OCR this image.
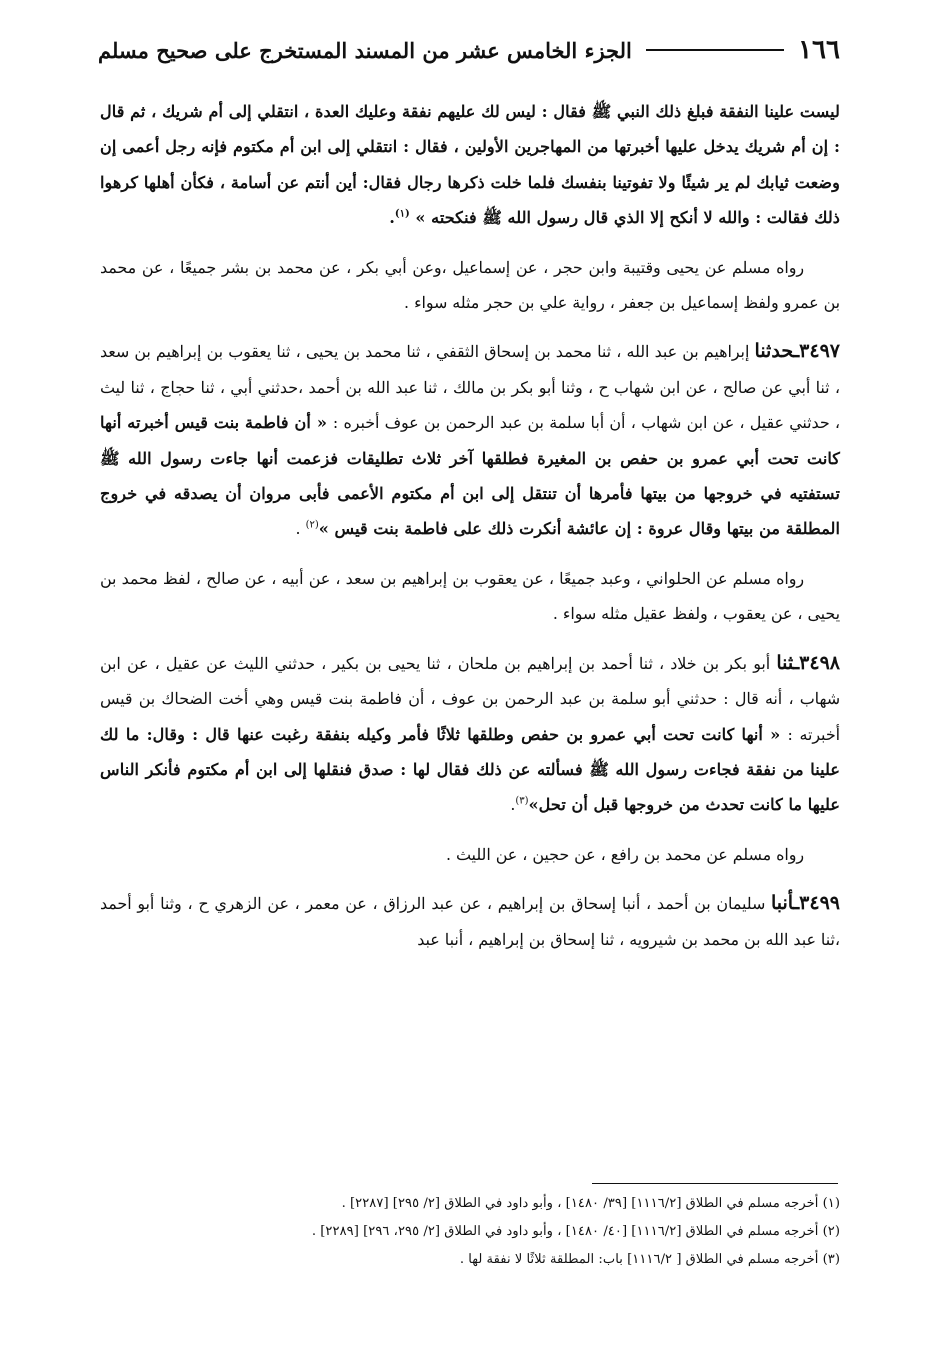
١٦٦
الجزء الخامس عشر من المسند المستخرج على صحيح مسلم

ليست علينا النفقة فبلغ ذلك النبي ﷺ فقال : ليس لك عليهم نفقة وعليك العدة ، انتقلي إلى أم شريك ، ثم قال : إن أم شريك يدخل عليها أخبرتها من المهاجرين الأولين ، فقال : انتقلي إلى ابن أم مكتوم فإنه رجل أعمى إن وضعت ثيابك لم ير شيئًا ولا تفوتينا بنفسك فلما خلت ذكرها رجال فقال: أين أنتم عن أسامة ، فكأن أهلها كرهوا ذلك فقالت : والله لا أنكح إلا الذي قال رسول الله ﷺ فنكحته » $^{(١)}$.

رواه مسلم عن يحيى وقتيبة وابن حجر ، عن إسماعيل ،وعن أبي بكر ، عن محمد بن بشر جميعًا ، عن محمد بن عمرو ولفظ إسماعيل بن جعفر ، رواية علي بن حجر مثله سواء .

٣٤٩٧ـحدثنا إبراهيم بن عبد الله ، ثنا محمد بن إسحاق الثقفي ، ثنا محمد بن يحيى ، ثنا يعقوب بن إبراهيم بن سعد ، ثنا أبي عن صالح ، عن ابن شهاب ح ، وثنا أبو بكر بن مالك ، ثنا عبد الله بن أحمد ،حدثني أبي ، ثنا حجاج ، ثنا ليث ، حدثني عقيل ، عن ابن شهاب ، أن أبا سلمة بن عبد الرحمن بن عوف أخبره : « أن فاطمة بنت قيس أخبرته أنها كانت تحت أبي عمرو بن حفص بن المغيرة فطلقها آخر ثلاث تطليقات فزعمت أنها جاءت رسول الله ﷺ تستفتيه في خروجها من بيتها فأمرها أن تنتقل إلى ابن أم مكتوم الأعمى فأبى مروان أن يصدقه في خروج المطلقة من بيتها وقال عروة : إن عائشة أنكرت ذلك على فاطمة بنت قيس »$^{(٢)}$ .

رواه مسلم عن الحلواني ، وعبد جميعًا ، عن يعقوب بن إبراهيم بن سعد ، عن أبيه ، عن صالح ، لفظ محمد بن يحيى ، عن يعقوب ، ولفظ عقيل مثله سواء .

٣٤٩٨ـثنا أبو بكر بن خلاد ، ثنا أحمد بن إبراهيم بن ملحان ، ثنا يحيى بن بكير ، حدثني الليث عن عقيل ، عن ابن شهاب ، أنه قال : حدثني أبو سلمة بن عبد الرحمن بن عوف ، أن فاطمة بنت قيس وهي أخت الضحاك بن قيس أخبرته : « أنها كانت تحت أبي عمرو بن حفص وطلقها ثلاثًا فأمر وكيله بنفقة رغبت عنها قال : وقال: ما لك علينا من نفقة فجاءت رسول الله ﷺ فسألته عن ذلك فقال لها : صدق فنقلها إلى ابن أم مكتوم فأنكر الناس عليها ما كانت تحدث من خروجها قبل أن تحل»$^{(٣)}$.

رواه مسلم عن محمد بن رافع ، عن حجين ، عن الليث .

٣٤٩٩ـأنبا سليمان بن أحمد ، أنبا إسحاق بن إبراهيم ، عن عبد الرزاق ، عن معمر ، عن الزهري ح ، وثنا أبو أحمد ،ثنا عبد الله بن محمد بن شيرويه ، ثنا إسحاق بن إبراهيم ، أنبا عبد

(١) أخرجه مسلم في الطلاق [١١١٦/٢] [٣٩/ ١٤٨٠] ، وأبو داود في الطلاق [٢/ ٢٩٥] [٢٢٨٧] .

(٢) أخرجه مسلم في الطلاق [١١١٦/٢] [٤٠/ ١٤٨٠] ، وأبو داود في الطلاق [٢/ ٢٩٥، ٢٩٦] [٢٢٨٩] .

(٣) أخرجه مسلم في الطلاق [ ١١١٦/٢] باب: المطلقة ثلاثًا لا نفقة لها .
